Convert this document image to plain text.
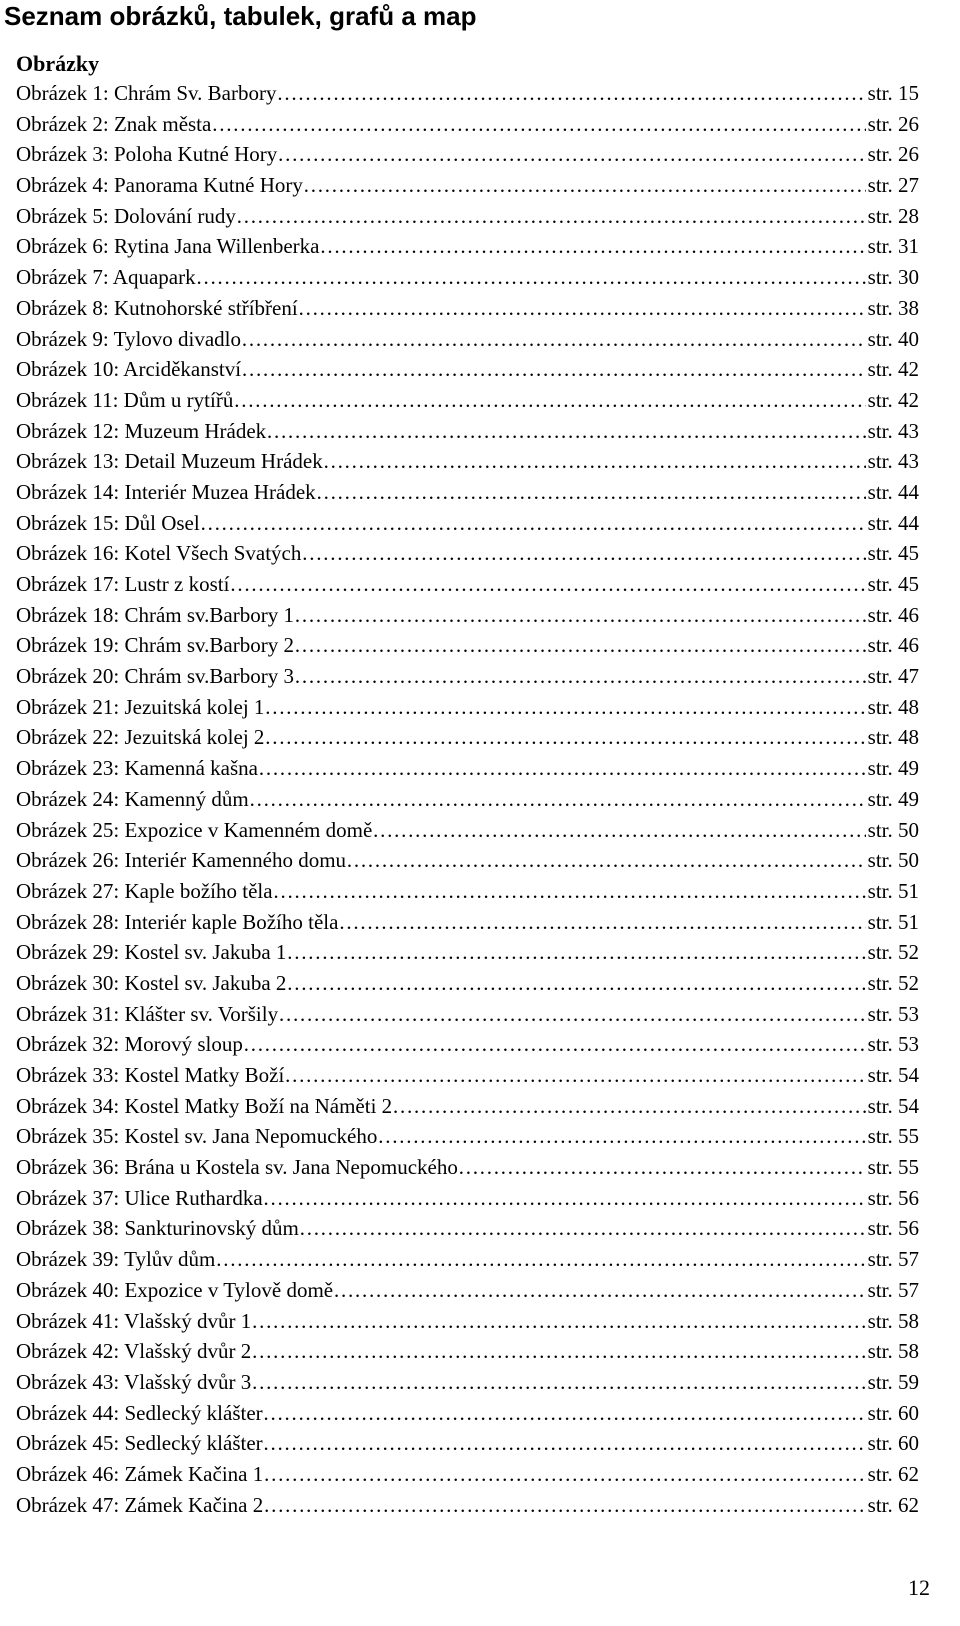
Seznam obrázků, tabulek, grafů a map
Obrázky
Obrázek 1: Chrám Sv. Barbory ……………………………………………………………………………………………………………………………………………………………………………………………………………………………………	str. 15
Obrázek 2: Znak města ……………………………………………………………………………………………………………………………………………………………………………………………………………………………………	str. 26
Obrázek 3: Poloha Kutné Hory ……………………………………………………………………………………………………………………………………………………………………………………………………………………………………	str. 26
Obrázek 4: Panorama Kutné Hory ……………………………………………………………………………………………………………………………………………………………………………………………………………………………………	str. 27
Obrázek 5: Dolování rudy ……………………………………………………………………………………………………………………………………………………………………………………………………………………………………	str. 28
Obrázek 6: Rytina Jana Willenberka ……………………………………………………………………………………………………………………………………………………………………………………………………………………………………	str. 31
Obrázek 7: Aquapark ……………………………………………………………………………………………………………………………………………………………………………………………………………………………………	str. 30
Obrázek 8: Kutnohorské stříbření ……………………………………………………………………………………………………………………………………………………………………………………………………………………………………	str. 38
Obrázek 9: Tylovo divadlo ……………………………………………………………………………………………………………………………………………………………………………………………………………………………………	str. 40
Obrázek 10: Arciděkanství ……………………………………………………………………………………………………………………………………………………………………………………………………………………………………	str. 42
Obrázek 11: Dům u rytířů ……………………………………………………………………………………………………………………………………………………………………………………………………………………………………	str. 42
Obrázek 12: Muzeum Hrádek ……………………………………………………………………………………………………………………………………………………………………………………………………………………………………	str. 43
Obrázek 13: Detail Muzeum Hrádek ……………………………………………………………………………………………………………………………………………………………………………………………………………………………………	str. 43
Obrázek 14: Interiér Muzea Hrádek ……………………………………………………………………………………………………………………………………………………………………………………………………………………………………	str. 44
Obrázek 15: Důl Osel ……………………………………………………………………………………………………………………………………………………………………………………………………………………………………	str. 44
Obrázek 16: Kotel Všech Svatých ……………………………………………………………………………………………………………………………………………………………………………………………………………………………………	str. 45
Obrázek 17: Lustr z kostí ……………………………………………………………………………………………………………………………………………………………………………………………………………………………………	str. 45
Obrázek 18: Chrám sv.Barbory 1 ……………………………………………………………………………………………………………………………………………………………………………………………………………………………………	str. 46
Obrázek 19: Chrám sv.Barbory 2 ……………………………………………………………………………………………………………………………………………………………………………………………………………………………………	str. 46
Obrázek 20: Chrám sv.Barbory 3 ……………………………………………………………………………………………………………………………………………………………………………………………………………………………………	str. 47
Obrázek 21: Jezuitská kolej 1 ……………………………………………………………………………………………………………………………………………………………………………………………………………………………………	str. 48
Obrázek 22: Jezuitská kolej 2 ……………………………………………………………………………………………………………………………………………………………………………………………………………………………………	str. 48
Obrázek 23: Kamenná kašna ……………………………………………………………………………………………………………………………………………………………………………………………………………………………………	str. 49
Obrázek 24: Kamenný dům ……………………………………………………………………………………………………………………………………………………………………………………………………………………………………	str. 49
Obrázek 25: Expozice v Kamenném domě ……………………………………………………………………………………………………………………………………………………………………………………………………………………………………	str. 50
Obrázek 26: Interiér Kamenného domu ……………………………………………………………………………………………………………………………………………………………………………………………………………………………………	str. 50
Obrázek 27: Kaple božího těla ……………………………………………………………………………………………………………………………………………………………………………………………………………………………………	str. 51
Obrázek 28: Interiér kaple Božího těla ……………………………………………………………………………………………………………………………………………………………………………………………………………………………………	str. 51
Obrázek 29: Kostel sv. Jakuba 1 ……………………………………………………………………………………………………………………………………………………………………………………………………………………………………	str. 52
Obrázek 30: Kostel sv. Jakuba 2 ……………………………………………………………………………………………………………………………………………………………………………………………………………………………………	str. 52
Obrázek 31: Klášter sv. Voršily ……………………………………………………………………………………………………………………………………………………………………………………………………………………………………	str. 53
Obrázek 32: Morový sloup ……………………………………………………………………………………………………………………………………………………………………………………………………………………………………	str. 53
Obrázek 33: Kostel Matky Boží ……………………………………………………………………………………………………………………………………………………………………………………………………………………………………	str. 54
Obrázek 34: Kostel Matky Boží na Náměti 2 ……………………………………………………………………………………………………………………………………………………………………………………………………………………………………	str. 54
Obrázek 35: Kostel sv. Jana Nepomuckého ……………………………………………………………………………………………………………………………………………………………………………………………………………………………………	str. 55
Obrázek 36: Brána u Kostela sv. Jana Nepomuckého ……………………………………………………………………………………………………………………………………………………………………………………………………………………………………	str. 55
Obrázek 37: Ulice Ruthardka ……………………………………………………………………………………………………………………………………………………………………………………………………………………………………	str. 56
Obrázek 38: Sankturinovský dům ……………………………………………………………………………………………………………………………………………………………………………………………………………………………………	str. 56
Obrázek 39: Tylův dům ……………………………………………………………………………………………………………………………………………………………………………………………………………………………………	str. 57
Obrázek 40: Expozice v Tylově domě ……………………………………………………………………………………………………………………………………………………………………………………………………………………………………	str. 57
Obrázek 41: Vlašský dvůr 1 ……………………………………………………………………………………………………………………………………………………………………………………………………………………………………	str. 58
Obrázek 42: Vlašský dvůr 2 ……………………………………………………………………………………………………………………………………………………………………………………………………………………………………	str. 58
Obrázek 43: Vlašský dvůr 3 ……………………………………………………………………………………………………………………………………………………………………………………………………………………………………	str. 59
Obrázek 44: Sedlecký klášter ……………………………………………………………………………………………………………………………………………………………………………………………………………………………………	str. 60
Obrázek 45: Sedlecký klášter ……………………………………………………………………………………………………………………………………………………………………………………………………………………………………	str. 60
Obrázek 46: Zámek Kačina 1 ……………………………………………………………………………………………………………………………………………………………………………………………………………………………………	str. 62
Obrázek 47: Zámek Kačina 2 ……………………………………………………………………………………………………………………………………………………………………………………………………………………………………	str. 62
12
